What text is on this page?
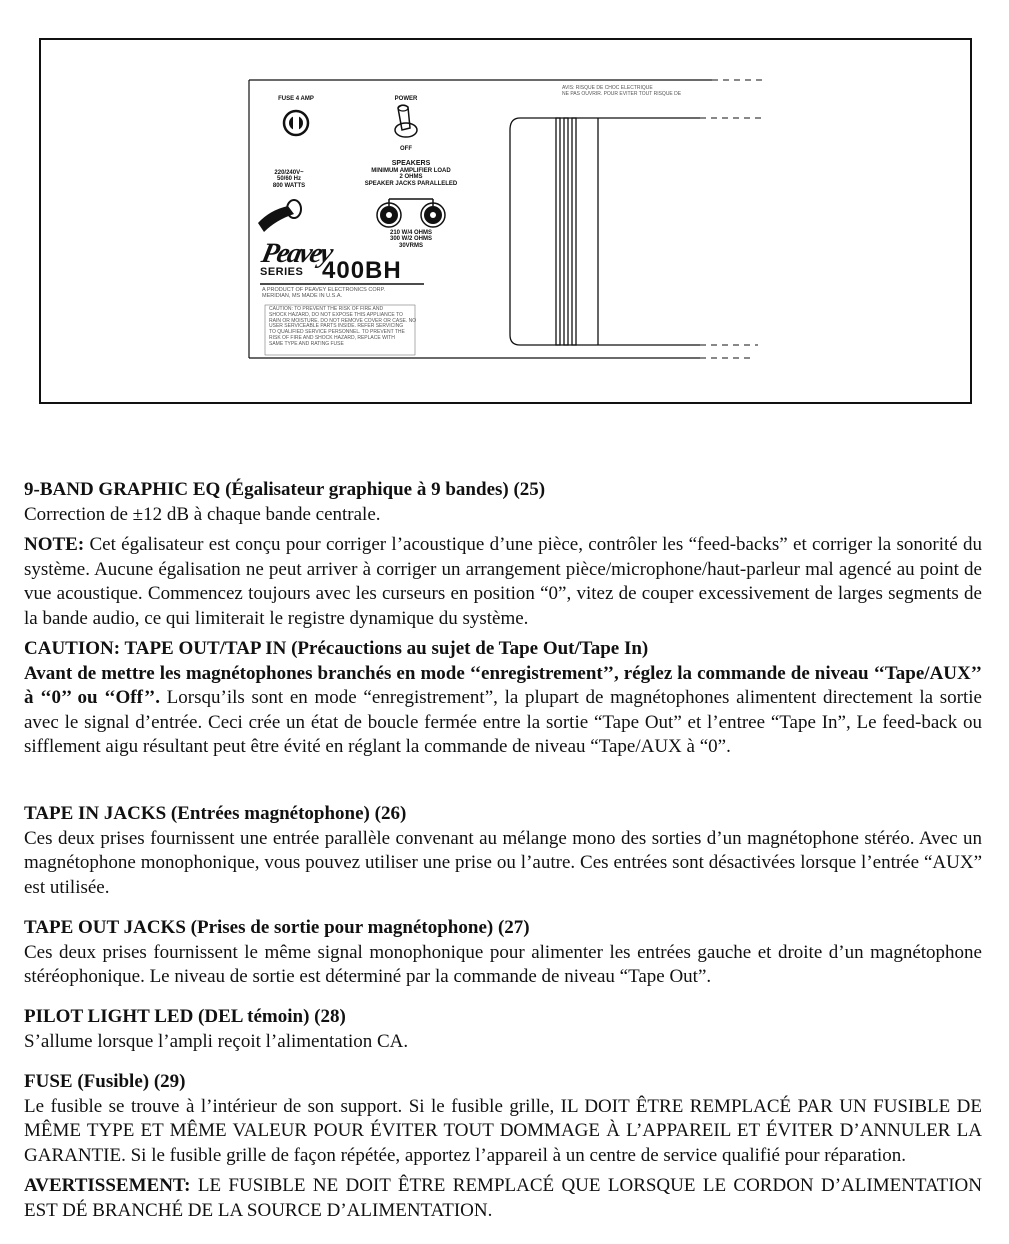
FUSE 4 AMP	POWER
OFF
220/240V~
50/60 Hz
800 WATTS
SPEAKERS
MINIMUM AMPLIFIER LOAD
2 OHMS
SPEAKER JACKS PARALLELED
210 W/4 OHMS
300 W/2 OHMS
30VRMS
Peavey
SERIES 400BH
A PRODUCT OF PEAVEY ELECTRONICS CORP.
MERIDIAN, MS MADE IN U.S.A.
CAUTION: TO PREVENT THE RISK OF FIRE AND
SHOCK HAZARD, DO NOT EXPOSE THIS APPLIANCE TO
RAIN OR MOISTURE. DO NOT REMOVE COVER OR CASE. NO
USER SERVICEABLE PARTS INSIDE. REFER SERVICING
TO QUALIFIED SERVICE PERSONNEL. TO PREVENT THE
RISK OF FIRE AND SHOCK HAZARD, REPLACE WITH
SAME TYPE AND RATING FUSE
AVIS: RISQUE DE CHOC ELECTRIQUE
NE PAS OUVRIR. POUR EVITER TOUT RISQUE DE

9-BAND GRAPHIC EQ (Égalisateur graphique à 9 bandes) (25)

Correction de ±12 dB à chaque bande centrale.

NOTE: Cet égalisateur est conçu pour corriger l’acoustique d’une pièce, contrôler les “feed-backs” et corriger la sonorité du système. Aucune égalisation ne peut arriver à corriger un arrangement pièce/microphone/haut-parleur mal agencé au point de vue acoustique. Commencez toujours avec les curseurs en position “0”, vitez de couper excessivement de larges segments de la bande audio, ce qui limiterait le registre dynamique du système.

CAUTION: TAPE OUT/TAP IN (Précauctions au sujet de Tape Out/Tape In)

Avant de mettre les magnétophones branchés en mode ‘‘enregistrement’’, réglez la commande de niveau ‘‘Tape/AUX’’ à ‘‘0’’ ou ‘‘Off’’. Lorsqu’ils sont en mode “enregistrement”, la plupart de magnétophones alimentent directement la sortie avec le signal d’entrée. Ceci crée un état de boucle fermée entre la sortie “Tape Out” et l’entree “Tape In”, Le feed-back ou sifflement aigu résultant peut être évité en réglant la commande de niveau “Tape/AUX à “0”.

TAPE IN JACKS (Entrées magnétophone) (26)

Ces deux prises fournissent une entrée parallèle convenant au mélange mono des sorties d’un magnétophone stéréo. Avec un magnétophone monophonique, vous pouvez utiliser une prise ou l’autre. Ces entrées sont désactivées lorsque l’entrée “AUX” est utilisée.

TAPE OUT JACKS (Prises de sortie pour magnétophone) (27)

Ces deux prises fournissent le même signal monophonique pour alimenter les entrées gauche et droite d’un magnétophone stéréophonique. Le niveau de sortie est déterminé par la commande de niveau “Tape Out”.

PILOT LIGHT LED (DEL témoin) (28)

S’allume lorsque l’ampli reçoit l’alimentation CA.

FUSE (Fusible) (29)

Le fusible se trouve à l’intérieur de son support. Si le fusible grille, IL DOIT ÊTRE REMPLACÉ PAR UN FUSIBLE DE MÊME TYPE ET MÊME VALEUR POUR ÉVITER TOUT DOMMAGE À L’APPAREIL ET ÉVITER D’ANNULER LA GARANTIE. Si le fusible grille de façon répétée, apportez l’appareil à un centre de service qualifié pour réparation.

AVERTISSEMENT: LE FUSIBLE NE DOIT ÊTRE REMPLACÉ QUE LORSQUE LE CORDON D’ALIMENTATION EST DÉ BRANCHÉ DE LA SOURCE D’ALIMENTATION.
